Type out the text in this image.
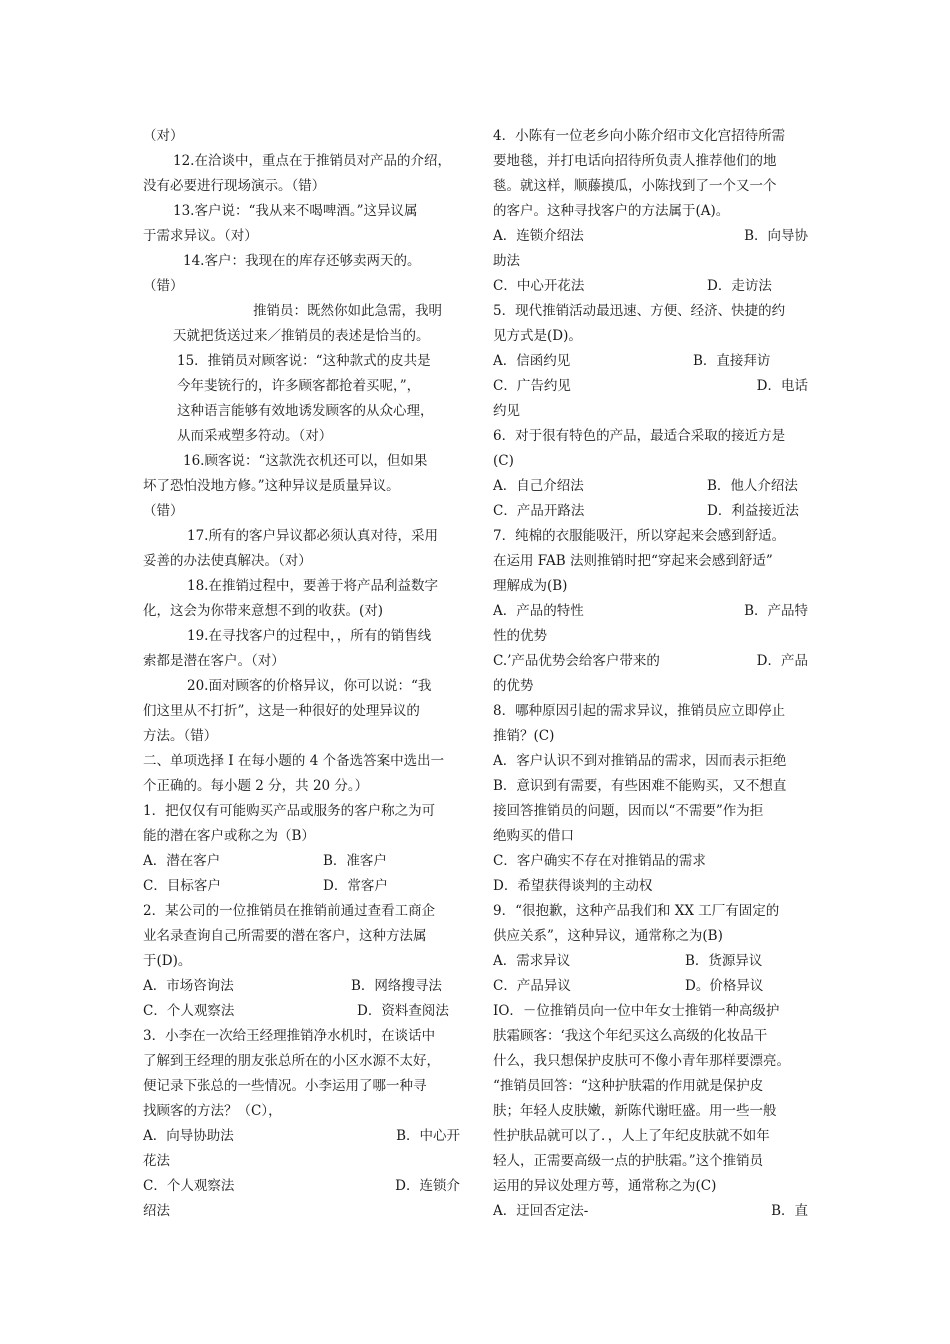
（对）
12.在洽谈中，重点在于推销员对产品的介绍，
没有必要进行现场演示。（错）
13.客户说：“我从来不喝啤酒。”这异议属
于需求异议。（对）
14.客户：我现在的库存还够卖两天的。
（错）
推销员：既然你如此急需，我明
天就把货送过来／推销员的表述是恰当的。
15．推销员对顾客说：“这种款式的皮共是
今年斐铳行的，许多顾客都抢着买呢，”，
这种语言能够有效地诱发顾客的从众心理，
从而采戒塑多符动。（对）
16.顾客说：“这款洗衣机还可以，但如果
坏了恐怕没地方修。”这种异议是质量异议。
（错）
17.所有的客户异议都必须认真对待，采用
妥善的办法使真解决。（对）
18.在推销过程中，要善于将产品利益数字
化，这会为你带来意想不到的收获。(对)
19.在寻找客户的过程中，，所有的销售线
索都是潜在客户。（对）
20.面对顾客的价格异议，你可以说：“我
们这里从不打折”，这是一种很好的处理异议的
方法。（错）
二、单项选择 I 在每小题的 4 个备选答案中选出一
个正确的。每小题 2 分，共 20 分。）
1．把仅仅有可能购买产品或服务的客户称之为可
能的潜在客户或称之为（B）
A．潜在客户	B．准客户
C．目标客户	D．常客户
2．某公司的一位推销员在推销前通过查看工商企
业名录查询自己所需要的潜在客户，这种方法属
于(D)。
A．市场咨询法	B．网络搜寻法
C．个人观察法	D．资料查阅法
3．小李在一次给王经理推销净水机时，在谈话中
了解到王经理的朋友张总所在的小区水源不太好，
便记录下张总的一些情况。小李运用了哪一种寻
找顾客的方法？（C），
A．向导协助法	B．中心开
花法
C．个人观察法	D．连锁介
绍法
4．小陈有一位老乡向小陈介绍市文化宫招待所需
要地毯，并打电话向招待所负责人推荐他们的地
毯。就这样，顺藤摸瓜，小陈找到了一个又一个
的客户。这种寻找客户的方法属于(A)。
A．连锁介绍法	B．向导协
助法
C．中心开花法	D．走访法
5．现代推销活动最迅速、方便、经济、快捷的约
见方式是(D)。
A．信函约见	B．直接拜访
C．广告约见	D．电话
约见
6．对于很有特色的产品，最适合采取的接近方是
(C)
A．自己介绍法	B．他人介绍法
C．产品开路法	D．利益接近法
7．纯棉的衣服能吸汗，所以穿起来会感到舒适。
在运用 FAB 法则推销时把“穿起来会感到舒适”
理解成为(B)
A．产品的特性	B．产品特
性的优势
C.’产品优势会给客户带来的	D．产品
的优势
8．哪种原因引起的需求异议，推销员应立即停止
推销？(C)
A．客户认识不到对推销品的需求，因而表示拒绝
B．意识到有需要，有些困难不能购买，又不想直
接回答推销员的问题，因而以“不需要”作为拒
绝购买的借口
C．客户确实不存在对推销品的需求
D．希望获得谈判的主动权
9．“很抱歉，这种产品我们和 XX 工厂有固定的
供应关系”，这种异议，通常称之为(B)
A．需求异议	B．货源异议
C．产品异议	D。价格异议
IO．－位推销员向一位中年女士推销一种高级护
肤霜顾客：‘我这个年纪买这么高级的化妆品干
什么，我只想保护皮肤可不像小青年那样要漂亮。
“推销员回答：“这种护肤霜的作用就是保护皮
肤；年轻人皮肤嫩，新陈代谢旺盛。用一些一般
性护肤品就可以了．，人上了年纪皮肤就不如年
轻人，正需要高级一点的护肤霜。”这个推销员
运用的异议处理方萼，通常称之为(C)
A．迂回否定法-	B．直
